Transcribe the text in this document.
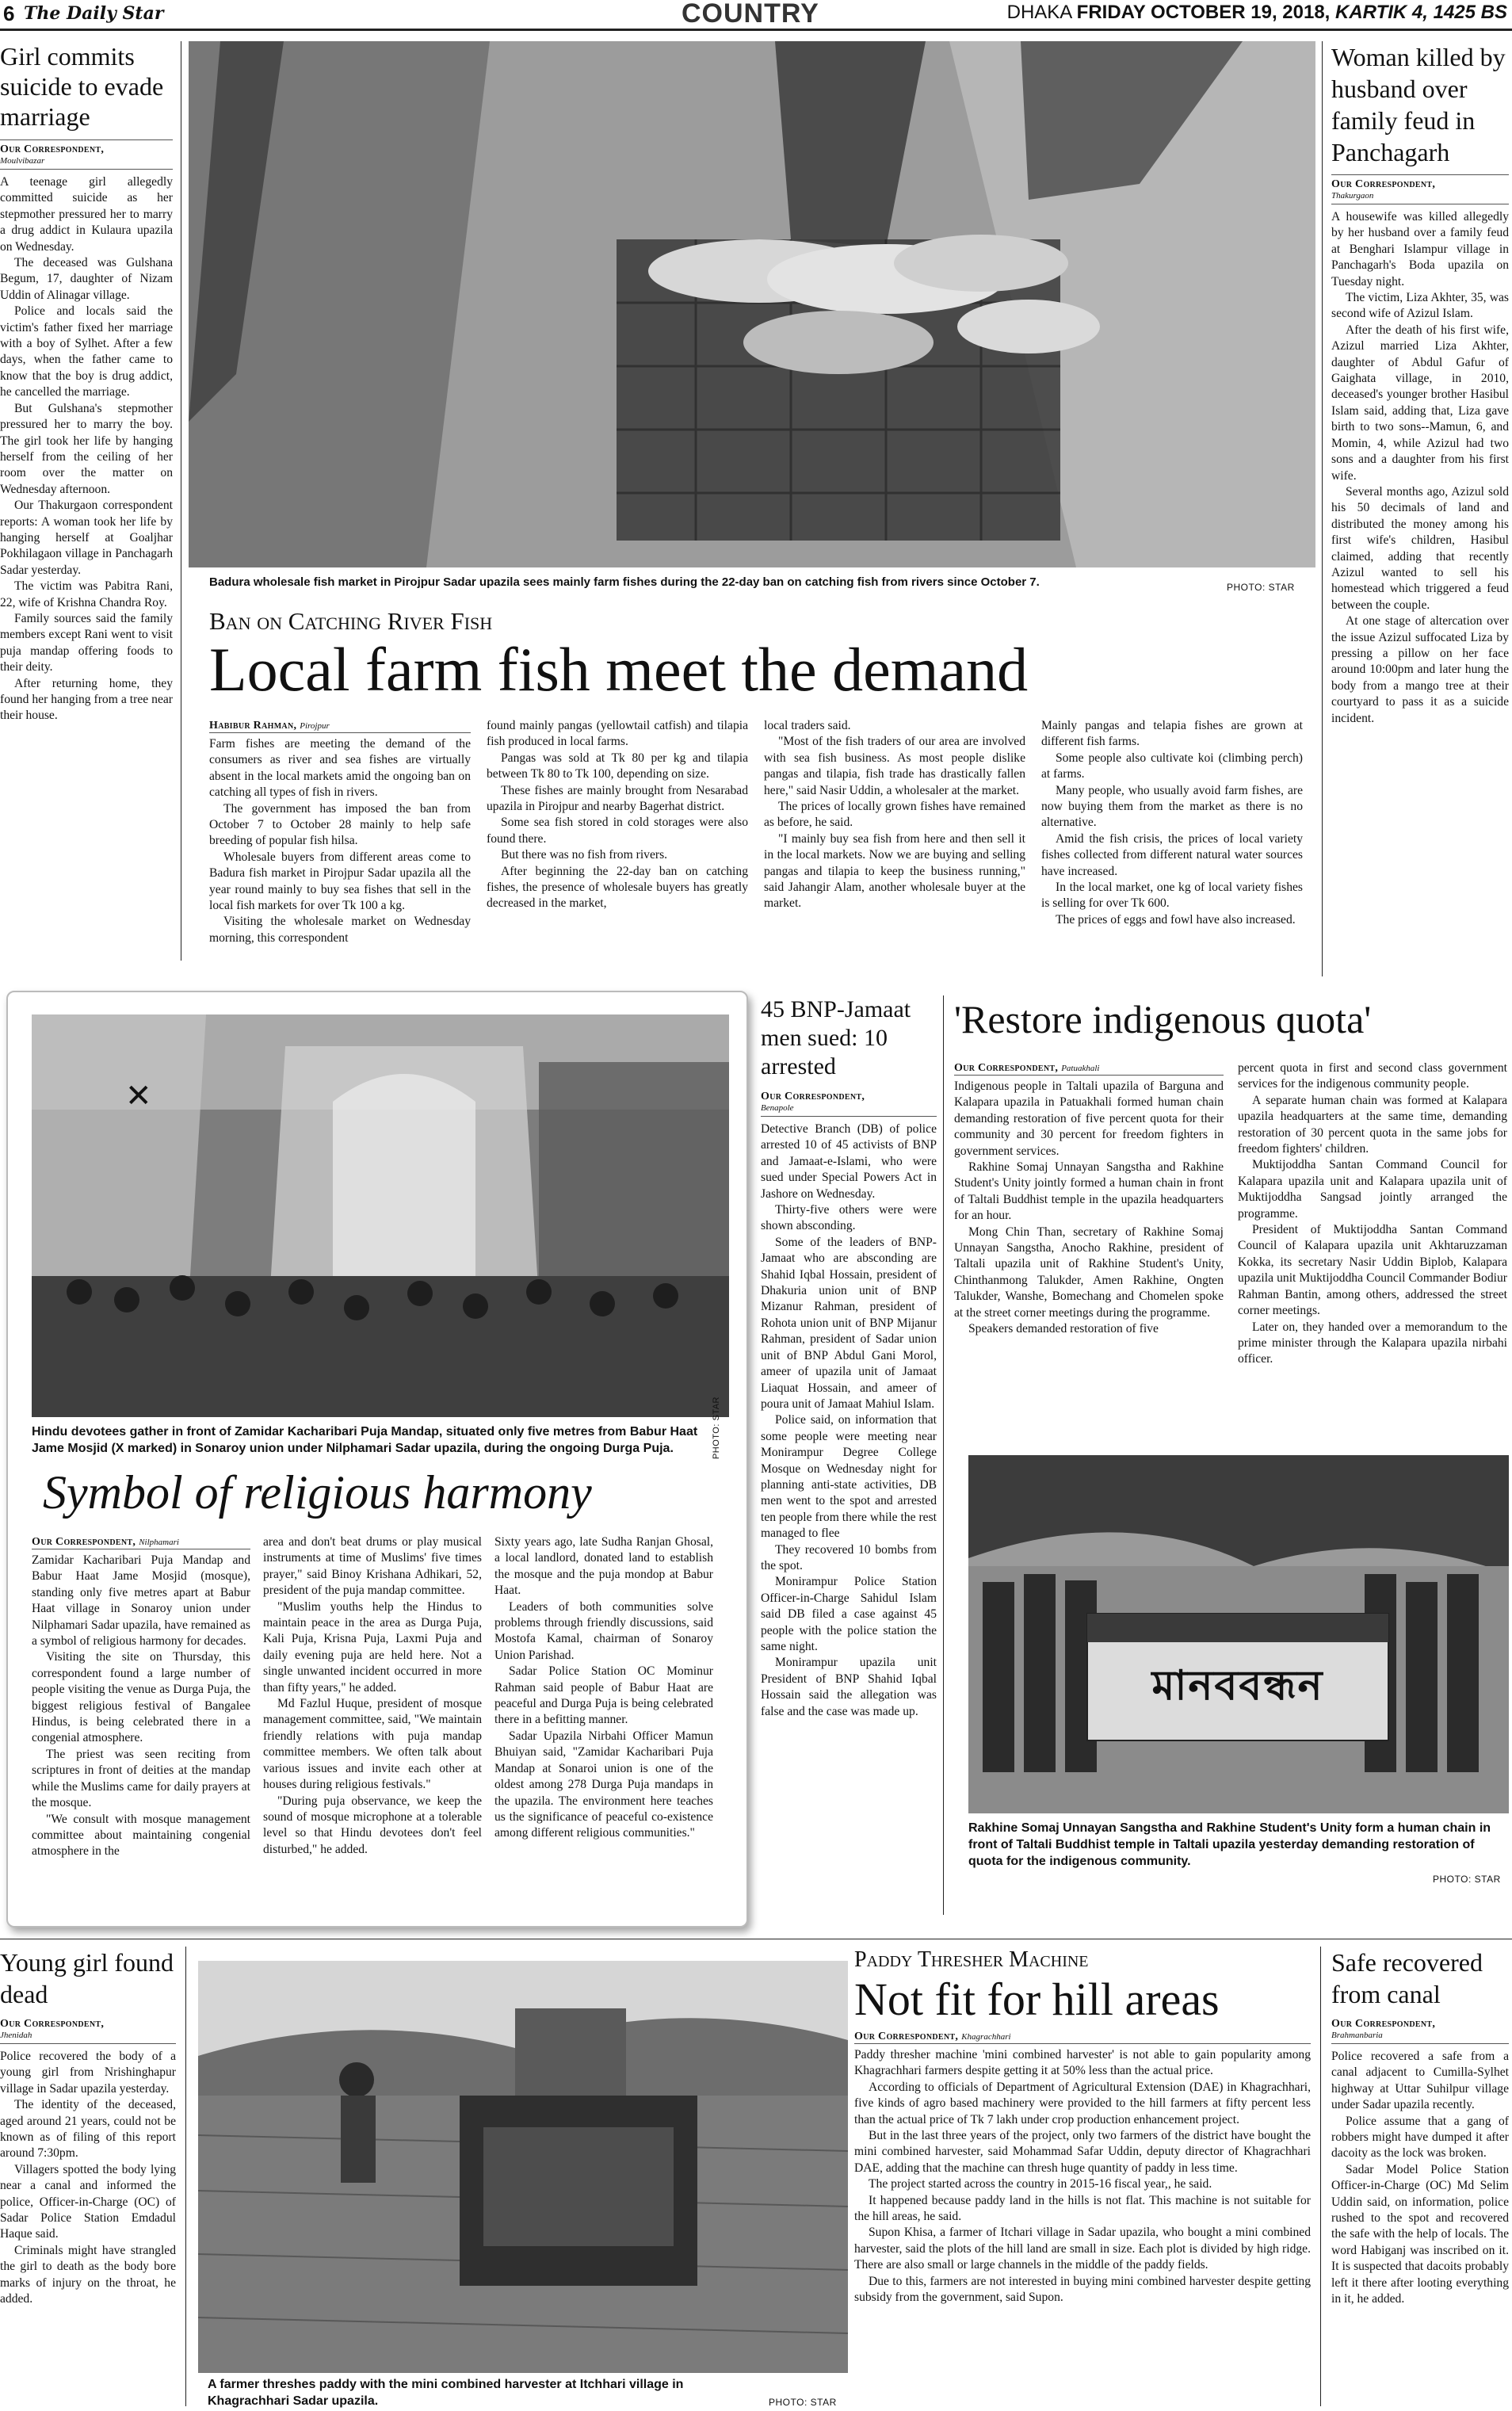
6 The Daily Star	COUNTRY	DHAKA FRIDAY OCTOBER 19, 2018, KARTIK 4, 1425 BS
Girl commits suicide to evade marriage
Our Correspondent,
Moulvibazar

A teenage girl allegedly committed suicide as her stepmother pressured her to marry a drug addict in Kulaura upazila on Wednesday.

The deceased was Gulshana Begum, 17, daughter of Nizam Uddin of Alinagar village.

Police and locals said the victim's father fixed her marriage with a boy of Sylhet. After a few days, when the father came to know that the boy is drug addict, he cancelled the marriage.

But Gulshana's stepmother pressured her to marry the boy. The girl took her life by hanging herself from the ceiling of her room over the matter on Wednesday afternoon.

Our Thakurgaon correspondent reports: A woman took her life by hanging herself at Goaljhar Pokhilagaon village in Panchagarh Sadar yesterday.

The victim was Pabitra Rani, 22, wife of Krishna Chandra Roy.

Family sources said the family members except Rani went to visit puja mandap offering foods to their deity.

After returning home, they found her hanging from a tree near their house.

Badura wholesale fish market in Pirojpur Sadar upazila sees mainly farm fishes during the 22-day ban on catching fish from rivers since October 7.	PHOTO: STAR
Ban on Catching River Fish
Local farm fish meet the demand
Habibur Rahman, Pirojpur

Farm fishes are meeting the demand of the consumers as river and sea fishes are virtually absent in the local markets amid the ongoing ban on catching all types of fish in rivers.

The government has imposed the ban from October 7 to October 28 mainly to help safe breeding of popular fish hilsa.

Wholesale buyers from different areas come to Badura fish market in Pirojpur Sadar upazila all the year round mainly to buy sea fishes that sell in the local fish markets for over Tk 100 a kg.

Visiting the wholesale market on Wednesday morning, this correspondent

found mainly pangas (yellowtail catfish) and tilapia fish produced in local farms.

Pangas was sold at Tk 80 per kg and tilapia between Tk 80 to Tk 100, depending on size.

These fishes are mainly brought from Nesarabad upazila in Pirojpur and nearby Bagerhat district.

Some sea fish stored in cold storages were also found there.

But there was no fish from rivers.

After beginning the 22-day ban on catching fishes, the presence of wholesale buyers has greatly decreased in the market,

local traders said.

"Most of the fish traders of our area are involved with sea fish business. As most people dislike pangas and tilapia, fish trade has drastically fallen here," said Nasir Uddin, a wholesaler at the market.

The prices of locally grown fishes have remained as before, he said.

"I mainly buy sea fish from here and then sell it in the local markets. Now we are buying and selling pangas and tilapia to keep the business running," said Jahangir Alam, another wholesale buyer at the market.

Mainly pangas and telapia fishes are grown at different fish farms.

Some people also cultivate koi (climbing perch) at farms.

Many people, who usually avoid farm fishes, are now buying them from the market as there is no alternative.

Amid the fish crisis, the prices of local variety fishes collected from different natural water sources have increased.

In the local market, one kg of local variety fishes is selling for over Tk 600.

The prices of eggs and fowl have also increased.

Woman killed by husband over family feud in Panchagarh
Our Correspondent,
Thakurgaon

A housewife was killed allegedly by her husband over a family feud at Benghari Islampur village in Panchagarh's Boda upazila on Tuesday night.

The victim, Liza Akhter, 35, was second wife of Azizul Islam.

After the death of his first wife, Azizul married Liza Akhter, daughter of Abdul Gafur of Gaighata village, in 2010, deceased's younger brother Hasibul Islam said, adding that, Liza gave birth to two sons--Mamun, 6, and Momin, 4, while Azizul had two sons and a daughter from his first wife.

Several months ago, Azizul sold his 50 decimals of land and distributed the money among his first wife's children, Hasibul claimed, adding that recently Azizul wanted to sell his homestead which triggered a feud between the couple.

At one stage of altercation over the issue Azizul suffocated Liza by pressing a pillow on her face around 10:00pm and later hung the body from a mango tree at their courtyard to pass it as a suicide incident.

✕
PHOTO: STAR
Hindu devotees gather in front of Zamidar Kacharibari Puja Mandap, situated only five metres from Babur Haat Jame Mosjid (X marked) in Sonaroy union under Nilphamari Sadar upazila, during the ongoing Durga Puja.
Symbol of religious harmony
Our Correspondent, Nilphamari

Zamidar Kacharibari Puja Mandap and Babur Haat Jame Mosjid (mosque), standing only five metres apart at Babur Haat village in Sonaroy union under Nilphamari Sadar upazila, have remained as a symbol of religious harmony for decades.

Visiting the site on Thursday, this correspondent found a large number of people visiting the venue as Durga Puja, the biggest religious festival of Bangalee Hindus, is being celebrated there in a congenial atmosphere.

The priest was seen reciting from scriptures in front of deities at the mandap while the Muslims came for daily prayers at the mosque.

"We consult with mosque management committee about maintaining congenial atmosphere in the

area and don't beat drums or play musical instruments at time of Muslims' five times prayer," said Binoy Krishana Adhikari, 52, president of the puja mandap committee.

"Muslim youths help the Hindus to maintain peace in the area as Durga Puja, Kali Puja, Krisna Puja, Laxmi Puja and daily evening puja are held here. Not a single unwanted incident occurred in more than fifty years," he added.

Md Fazlul Huque, president of mosque management committee, said, "We maintain friendly relations with puja mandap committee members. We often talk about various issues and invite each other at houses during religious festivals."

"During puja observance, we keep the sound of mosque microphone at a tolerable level so that Hindu devotees don't feel disturbed," he added.

Sixty years ago, late Sudha Ranjan Ghosal, a local landlord, donated land to establish the mosque and the puja mondop at Babur Haat.

Leaders of both communities solve problems through friendly discussions, said Mostofa Kamal, chairman of Sonaroy Union Parishad.

Sadar Police Station OC Mominur Rahman said people of Babur Haat are peaceful and Durga Puja is being celebrated there in a befitting manner.

Sadar Upazila Nirbahi Officer Mamun Bhuiyan said, "Zamidar Kacharibari Puja Mandap at Sonaroi union is one of the oldest among 278 Durga Puja mandaps in the upazila. The environment here teaches us the significance of peaceful co-existence among different religious communities."

45 BNP-Jamaat men sued: 10 arrested
Our Correspondent,
Benapole

Detective Branch (DB) of police arrested 10 of 45 activists of BNP and Jamaat-e-Islami, who were sued under Special Powers Act in Jashore on Wednesday.

Thirty-five others were were shown absconding.

Some of the leaders of BNP-Jamaat who are absconding are Shahid Iqbal Hossain, president of Dhakuria union unit of BNP Mizanur Rahman, president of Rohota union unit of BNP Mijanur Rahman, president of Sadar union unit of BNP Abdul Gani Morol, ameer of upazila unit of Jamaat Liaquat Hossain, and ameer of poura unit of Jamaat Mahiul Islam.

Police said, on information that some people were meeting near Monirampur Degree College Mosque on Wednesday night for planning anti-state activities, DB men went to the spot and arrested ten people from there while the rest managed to flee

They recovered 10 bombs from the spot.

Monirampur Police Station Officer-in-Charge Sahidul Islam said DB filed a case against 45 people with the police station the same night.

Monirampur upazila unit President of BNP Shahid Iqbal Hossain said the allegation was false and the case was made up.

'Restore indigenous quota'
Our Correspondent, Patuakhali

Indigenous people in Taltali upazila of Barguna and Kalapara upazila in Patuakhali formed human chain demanding restoration of five percent quota for their community and 30 percent for freedom fighters in government services.

Rakhine Somaj Unnayan Sangstha and Rakhine Student's Unity jointly formed a human chain in front of Taltali Buddhist temple in the upazila headquarters for an hour.

Mong Chin Than, secretary of Rakhine Somaj Unnayan Sangstha, Anocho Rakhine, president of Taltali upazila unit of Rakhine Student's Unity, Chinthanmong Talukder, Amen Rakhine, Ongten Talukder, Wanshe, Bomechang and Chomelen spoke at the street corner meetings during the programme.

Speakers demanded restoration of five

percent quota in first and second class government services for the indigenous community people.

A separate human chain was formed at Kalapara upazila headquarters at the same time, demanding restoration of 30 percent quota in the same jobs for freedom fighters' children.

Muktijoddha Santan Command Council for Kalapara upazila unit and Kalapara upazila unit of Muktijoddha Sangsad jointly arranged the programme.

President of Muktijoddha Santan Command Council of Kalapara upazila unit Akhtaruzzaman Kokka, its secretary Nasir Uddin Biplob, Kalapara upazila unit Muktijoddha Council Commander Bodiur Rahman Bantin, among others, addressed the street corner meetings.

Later on, they handed over a memorandum to the prime minister through the Kalapara upazila nirbahi officer.

মানববন্ধন
Rakhine Somaj Unnayan Sangstha and Rakhine Student's Unity form a human chain in front of Taltali Buddhist temple in Taltali upazila yesterday demanding restoration of quota for the indigenous community.
PHOTO: STAR
Young girl found dead
Our Correspondent,
Jhenidah

Police recovered the body of a young girl from Nrishinghapur village in Sadar upazila yesterday.

The identity of the deceased, aged around 21 years, could not be known as of filing of this report around 7:30pm.

Villagers spotted the body lying near a canal and informed the police, Officer-in-Charge (OC) of Sadar Police Station Emdadul Haque said.

Criminals might have strangled the girl to death as the body bore marks of injury on the throat, he added.

A farmer threshes paddy with the mini combined harvester at Itchhari village in Khagrachhari Sadar upazila.	PHOTO: STAR
Paddy Thresher Machine
Not fit for hill areas
Our Correspondent, Khagrachhari

Paddy thresher machine 'mini combined harvester' is not able to gain popularity among Khagrachhari farmers despite getting it at 50% less than the actual price.

According to officials of Department of Agricultural Extension (DAE) in Khagrachhari, five kinds of agro based machinery were provided to the hill farmers at fifty percent less than the actual price of Tk 7 lakh under crop production enhancement project.

But in the last three years of the project, only two farmers of the district have bought the mini combined harvester, said Mohammad Safar Uddin, deputy director of Khagrachhari DAE, adding that the machine can thresh huge quantity of paddy in less time.

The project started across the country in 2015-16 fiscal year,, he said.

It happened because paddy land in the hills is not flat. This machine is not suitable for the hill areas, he said.

Supon Khisa, a farmer of Itchari village in Sadar upazila, who bought a mini combined harvester, said the plots of the hill land are small in size. Each plot is divided by high ridge. There are also small or large channels in the middle of the paddy fields.

Due to this, farmers are not interested in buying mini combined harvester despite getting subsidy from the government, said Supon.

Safe recovered from canal
Our Correspondent,
Brahmanbaria

Police recovered a safe from a canal adjacent to Cumilla-Sylhet highway at Uttar Suhilpur village under Sadar upazila recently.

Police assume that a gang of robbers might have dumped it after dacoity as the lock was broken.

Sadar Model Police Station Officer-in-Charge (OC) Md Selim Uddin said, on information, police rushed to the spot and recovered the safe with the help of locals. The word Habiganj was inscribed on it. It is suspected that dacoits probably left it there after looting everything in it, he added.
